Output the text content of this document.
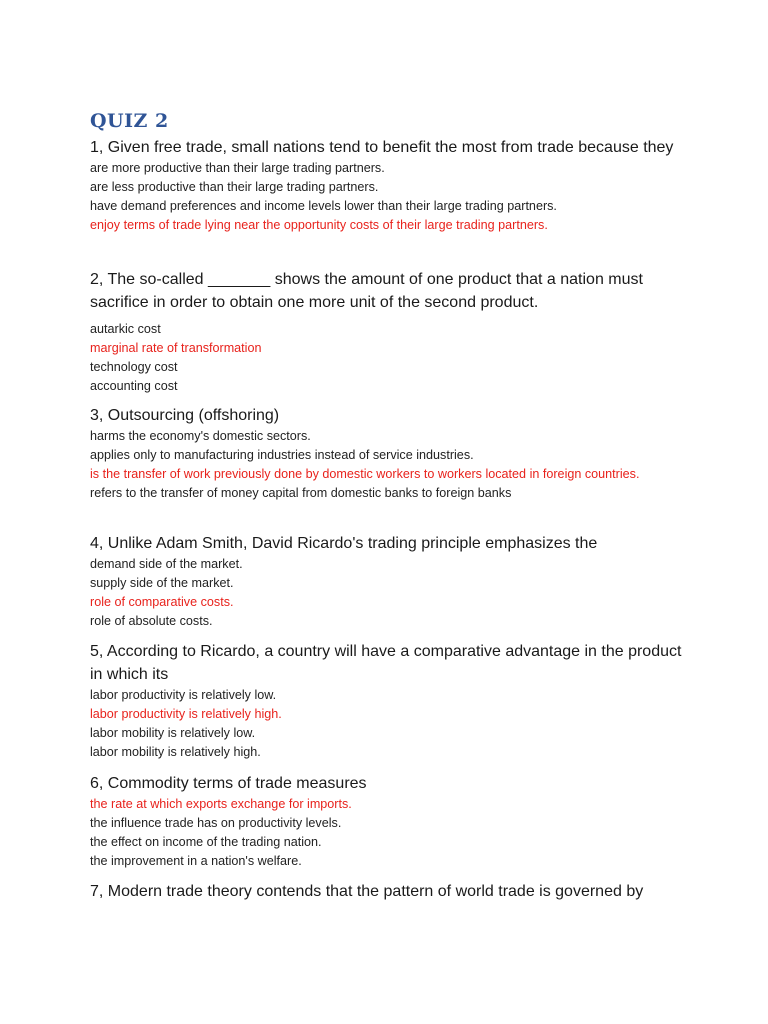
QUIZ 2

1, Given free trade, small nations tend to benefit the most from trade because they

are more productive than their large trading partners.
are less productive than their large trading partners.
have demand preferences and income levels lower than their large trading partners.
enjoy terms of trade lying near the opportunity costs of their large trading partners.

2, The so-called _______ shows the amount of one product that a nation must sacrifice in order to obtain one more unit of the second product.

autarkic cost
marginal rate of transformation
technology cost
accounting cost

3, Outsourcing (offshoring)

harms the economy's domestic sectors.
applies only to manufacturing industries instead of service industries.
is the transfer of work previously done by domestic workers to workers located in foreign countries.
refers to the transfer of money capital from domestic banks to foreign banks

4, Unlike Adam Smith, David Ricardo's trading principle emphasizes the

demand side of the market.
supply side of the market.
role of comparative costs.
role of absolute costs.

5, According to Ricardo, a country will have a comparative advantage in the product in which its

labor productivity is relatively low.
labor productivity is relatively high.
labor mobility is relatively low.
labor mobility is relatively high.

6, Commodity terms of trade measures

the rate at which exports exchange for imports.
the influence trade has on productivity levels.
the effect on income of the trading nation.
the improvement in a nation's welfare.

7, Modern trade theory contends that the pattern of world trade is governed by
